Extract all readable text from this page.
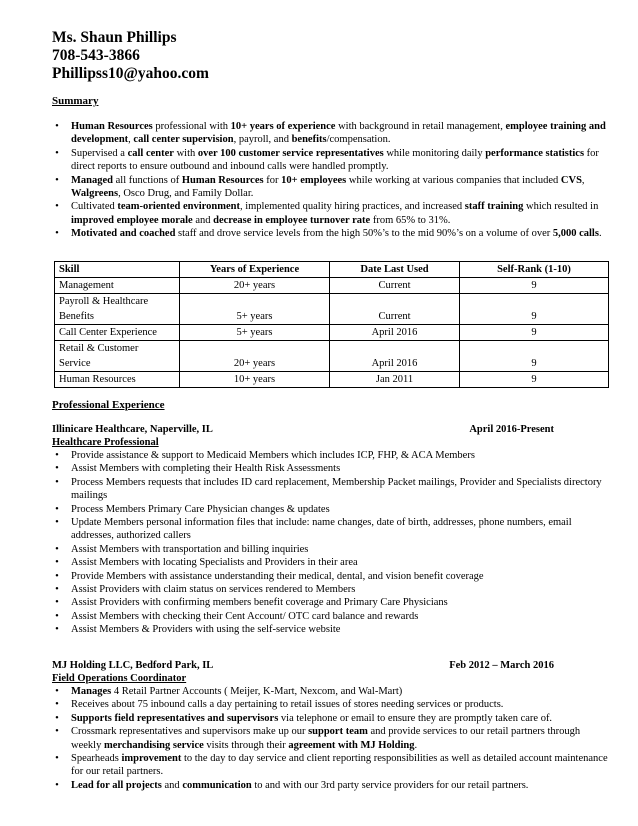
Ms. Shaun Phillips
708-543-3866
Phillipss10@yahoo.com
Summary
•	Human Resources professional with 10+ years of experience with background in retail management, employee training and development, call center supervision, payroll, and benefits/compensation.
•	Supervised a call center with over 100 customer service representatives while monitoring daily performance statistics for direct reports to ensure outbound and inbound calls were handled promptly.
•	Managed all functions of Human Resources for 10+ employees while working at various companies that included CVS, Walgreens, Osco Drug, and Family Dollar.
•	Cultivated team-oriented environment, implemented quality hiring practices, and increased staff training which resulted in improved employee morale and decrease in employee turnover rate from 65% to 31%.
•	Motivated and coached staff and drove service levels from the high 50%’s to the mid 90%’s on a volume of over 5,000 calls.
Skill	Years of Experience	Date Last Used	Self-Rank (1-10)
Management	20+ years	Current	9
Payroll & Healthcare
Benefits	5+ years	Current	9
Call Center Experience	5+ years	April 2016	9
Retail & Customer
Service	20+ years	April 2016	9
Human Resources	10+ years	Jan 2011	9
Professional Experience
Illinicare Healthcare, Naperville, IL	April 2016-Present
Healthcare Professional
•	Provide assistance & support to Medicaid Members which includes ICP, FHP, & ACA Members
•	Assist Members with completing their Health Risk Assessments
•	Process Members requests that includes ID card replacement, Membership Packet mailings, Provider and Specialists directory mailings
•	Process Members Primary Care Physician changes & updates
•	Update Members personal information files that include: name changes, date of birth, addresses, phone numbers, email addresses, authorized callers
•	Assist Members with transportation and billing inquiries
•	Assist Members with locating Specialists and Providers in their area
•	Provide Members with assistance understanding their medical, dental, and vision benefit coverage
•	Assist Providers with claim status on services rendered to Members
•	Assist Providers with confirming members benefit coverage and Primary Care Physicians
•	Assist Members with checking their Cent Account/ OTC card balance and rewards
•	Assist Members & Providers with using the self-service website
MJ Holding LLC, Bedford Park, IL	Feb 2012 – March 2016
Field Operations Coordinator
•	Manages 4 Retail Partner Accounts ( Meijer, K-Mart, Nexcom, and Wal-Mart)
•	Receives about 75 inbound calls a day pertaining to retail issues of stores needing services or products.
•	Supports field representatives and supervisors via telephone or email to ensure they are promptly taken care of.
•	Crossmark representatives and supervisors make up our support team and provide services to our retail partners through weekly merchandising service visits through their agreement with MJ Holding.
•	Spearheads improvement to the day to day service and client reporting responsibilities as well as detailed account maintenance for our retail partners.
•	Lead for all projects and communication to and with our 3rd party service providers for our retail partners.
